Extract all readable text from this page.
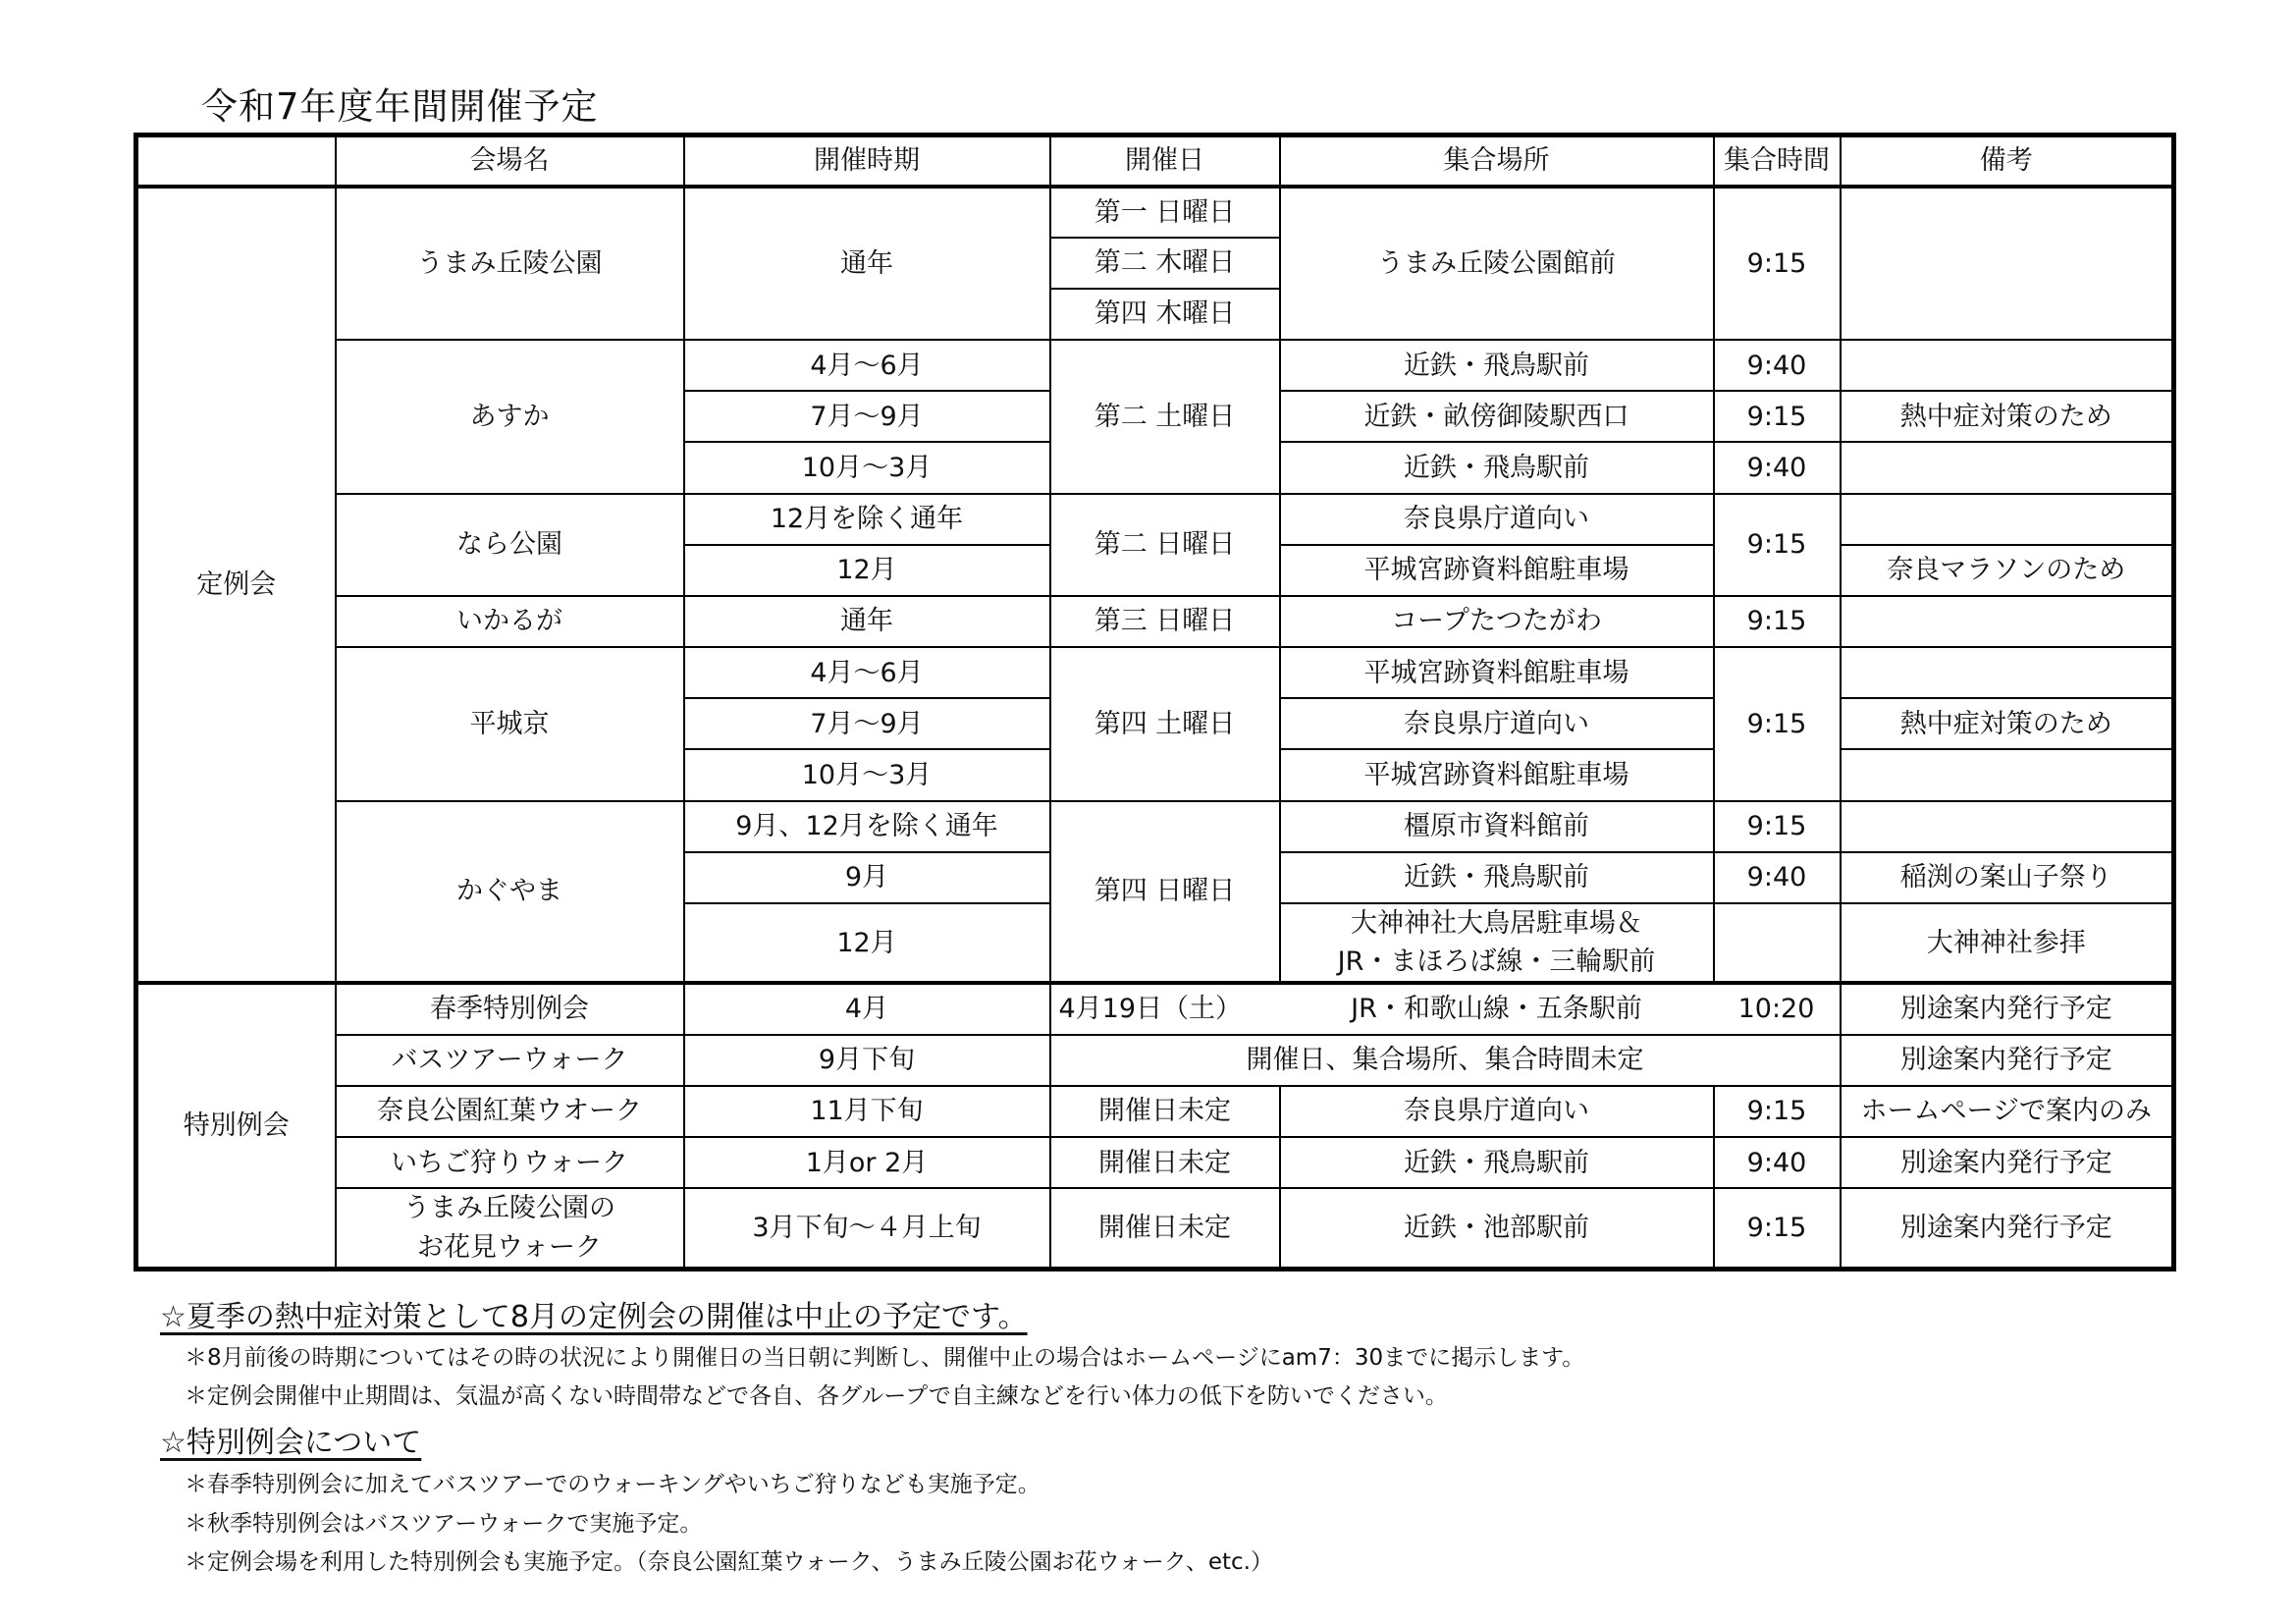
令和7年度年間開催予定
	会場名	開催時期	開催日	集合場所	集合時間	備考
定例会	うまみ丘陵公園	通年	第一 日曜日	うまみ丘陵公園館前	9:15	
			第二 木曜日			
			第四 木曜日			
	あすか	4月～6月	第二 土曜日	近鉄・飛鳥駅前	9:40	
		7月～9月		近鉄・畝傍御陵駅西口	9:15	熱中症対策のため
		10月～3月		近鉄・飛鳥駅前	9:40	
	なら公園	12月を除く通年	第二 日曜日	奈良県庁道向い	9:15	
		12月		平城宮跡資料館駐車場		奈良マラソンのため
	いかるが	通年	第三 日曜日	コープたつたがわ	9:15	
	平城京	4月～6月	第四 土曜日	平城宮跡資料館駐車場	9:15	
		7月～9月		奈良県庁道向い		熱中症対策のため
		10月～3月		平城宮跡資料館駐車場		
	かぐやま	9月、12月を除く通年	第四 日曜日	橿原市資料館前	9:15	
		9月		近鉄・飛鳥駅前	9:40	稲渕の案山子祭り
		12月		大神神社大鳥居駐車場＆
JR・まほろば線・三輪駅前		大神神社参拝
特別例会	春季特別例会	4月	4月19日（土）	JR・和歌山線・五条駅前	10:20	別途案内発行予定
	バスツアーウォーク	9月下旬	開催日、集合場所、集合時間未定			別途案内発行予定
	奈良公園紅葉ウオーク	11月下旬	開催日未定	奈良県庁道向い	9:15	ホームページで案内のみ
	いちご狩りウォーク	1月or 2月	開催日未定	近鉄・飛鳥駅前	9:40	別途案内発行予定

	うまみ丘陵公園の
お花見ウォーク	3月下旬～４月上旬	開催日未定	近鉄・池部駅前	9:15	別途案内発行予定
☆夏季の熱中症対策として8月の定例会の開催は中止の予定です。
＊8月前後の時期についてはその時の状況により開催日の当日朝に判断し、開催中止の場合はホームページにam7：30までに掲示します。
＊定例会開催中止期間は、気温が高くない時間帯などで各自、各グループで自主練などを行い体力の低下を防いでください。
☆特別例会について
＊春季特別例会に加えてバスツアーでのウォーキングやいちご狩りなども実施予定。
＊秋季特別例会はバスツアーウォークで実施予定。
＊定例会場を利用した特別例会も実施予定。（奈良公園紅葉ウォーク、うまみ丘陵公園お花ウォーク、etc.）
